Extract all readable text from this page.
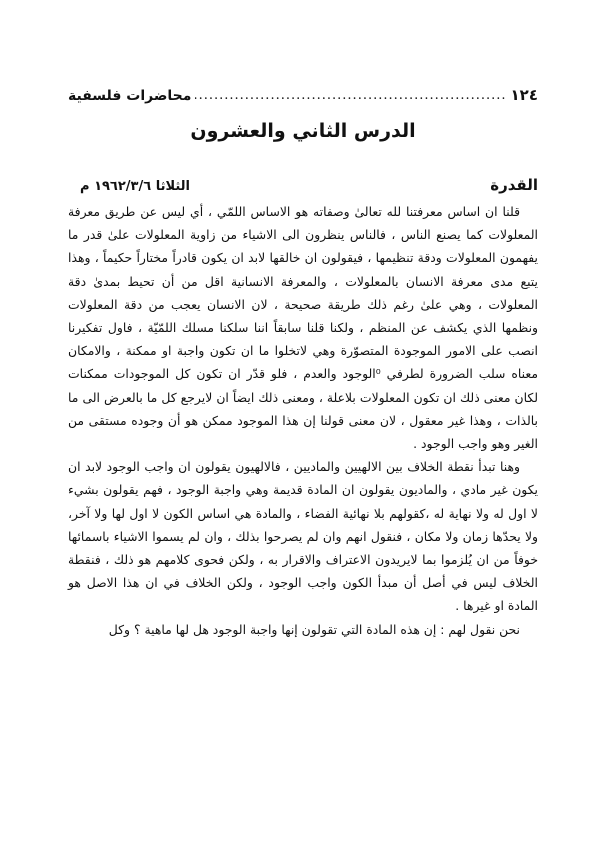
١٢٤
.....
محاضرات فلسفية
الدرس الثاني والعشرون
القدرة
الثلاثا ١٩٦٢/٣/٦ م

قلنا ان اساس معرفتنا لله تعالىٰ وصفاته هو الاساس اللمّي ، أي ليس عن طريق معرفة المعلولات كما يصنع الناس ، فالناس ينظرون الى الاشياء من زاوية المعلولات علىٰ قدر ما يفهمون المعلولات ودقة تنظيمها ، فيقولون ان خالقها لابد ان يكون قادراً مختاراً حكيماً ، وهذا يتبع مدى معرفة الانسان بالمعلولات ، والمعرفة الانسانية اقل من أن تحيط بمدىٰ دقة المعلولات ، وهي علىٰ رغم ذلك طريقة صحيحة ، لان الانسان يعجب من دقة المعلولات ونظمها الذي يكشف عن المنظم ، ولكنا قلنا سابقاً اننا سلكنا مسلك اللمّيّة ، فاول تفكيرنا انصب على الامور الموجودة المتصوّرة وهي لاتخلوا ما ان تكون واجبة او ممكنة ، والامكان معناه سلب الضرورة لطرفي ⁰الوجود والعدم ، فلو قدّر ان تكون كل الموجودات ممكنات لكان معنى ذلك ان تكون المعلولات بلاعلة ، ومعنى ذلك ايضاً ان لايرجع كل ما بالعرض الى ما بالذات ، وهذا غير معقول ، لان معنى قولنا إن هذا الموجود ممكن هو أن وجوده مستقى من الغير وهو واجب الوجود .

وهنا تبدأ نقطة الخلاف بين الالهيين والماديين ، فالالهيون يقولون ان واجب الوجود لابد ان يكون غير مادي ، والماديون يقولون ان المادة قديمة وهي واجبة الوجود ، فهم يقولون بشيء لا اول له ولا نهاية له ،كقولهم بلا نهائية الفضاء ، والمادة هي اساس الكون لا اول لها ولا آخر، ولا يحدّها زمان ولا مكان ، فنقول انهم وان لم يصرحوا بذلك ، وان لم يسموا الاشياء باسمائها خوفاً من ان يُلزموا بما لايريدون الاعتراف والاقرار به ، ولكن فحوى كلامهم هو ذلك ، فنقطة الخلاف ليس في أصل أن مبدأ الكون واجب الوجود ، ولكن الخلاف في ان هذا الاصل هو المادة او غيرها .

نحن نقول لهم : إن هذه المادة التي تقولون إنها واجبة الوجود هل لها ماهية ؟ وكل
